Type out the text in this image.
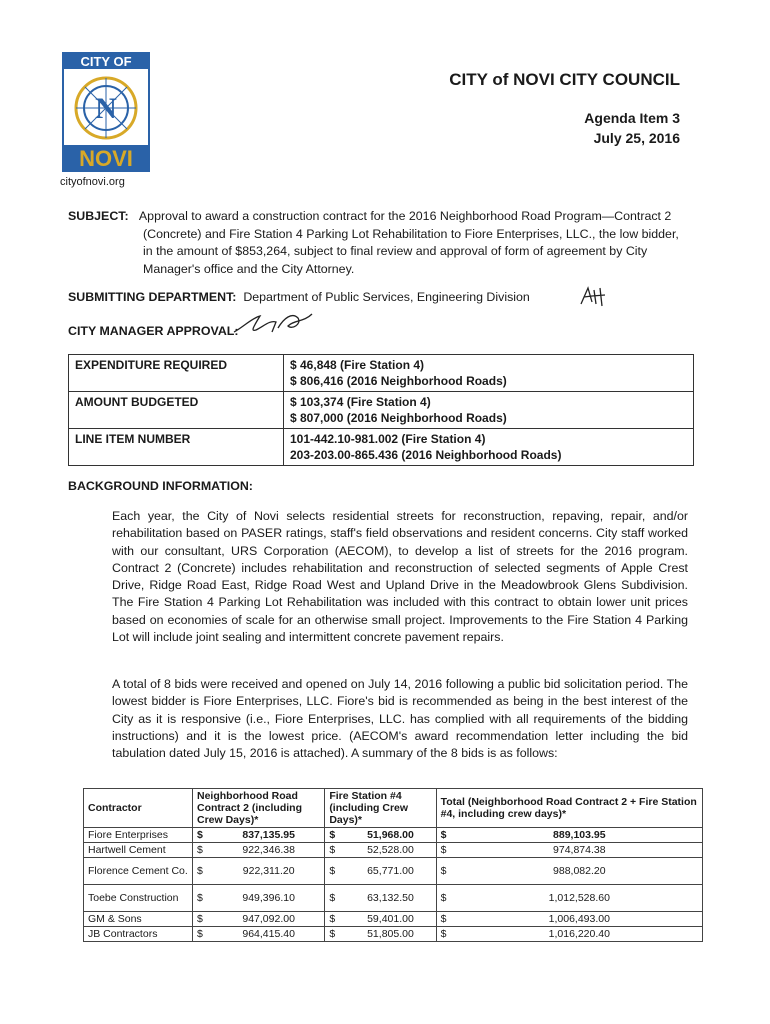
CITY OF
N
NOVI
cityofnovi.org
CITY of NOVI CITY COUNCIL
Agenda Item 3
July 25, 2016
SUBJECT: Approval to award a construction contract for the 2016 Neighborhood Road Program—Contract 2 (Concrete) and Fire Station 4 Parking Lot Rehabilitation to Fiore Enterprises, LLC., the low bidder, in the amount of $853,264, subject to final review and approval of form of agreement by City Manager's office and the City Attorney.
SUBMITTING DEPARTMENT: Department of Public Services, Engineering Division
CITY MANAGER APPROVAL:
EXPENDITURE REQUIRED	$ 46,848 (Fire Station 4)
$ 806,416 (2016 Neighborhood Roads)

AMOUNT BUDGETED	$ 103,374 (Fire Station 4)
$ 807,000 (2016 Neighborhood Roads)

LINE ITEM NUMBER	101-442.10-981.002 (Fire Station 4)
203-203.00-865.436 (2016 Neighborhood Roads)
BACKGROUND INFORMATION:
Each year, the City of Novi selects residential streets for reconstruction, repaving, repair, and/or rehabilitation based on PASER ratings, staff's field observations and resident concerns. City staff worked with our consultant, URS Corporation (AECOM), to develop a list of streets for the 2016 program. Contract 2 (Concrete) includes rehabilitation and reconstruction of selected segments of Apple Crest Drive, Ridge Road East, Ridge Road West and Upland Drive in the Meadowbrook Glens Subdivision. The Fire Station 4 Parking Lot Rehabilitation was included with this contract to obtain lower unit prices based on economies of scale for an otherwise small project. Improvements to the Fire Station 4 Parking Lot will include joint sealing and intermittent concrete pavement repairs.
A total of 8 bids were received and opened on July 14, 2016 following a public bid solicitation period. The lowest bidder is Fiore Enterprises, LLC. Fiore's bid is recommended as being in the best interest of the City as it is responsive (i.e., Fiore Enterprises, LLC. has complied with all requirements of the bidding instructions) and it is the lowest price. (AECOM's award recommendation letter including the bid tabulation dated July 15, 2016 is attached). A summary of the 8 bids is as follows:
Contractor	Neighborhood Road Contract 2 (including Crew Days)*		Fire Station #4 (including Crew Days)*		Total (Neighborhood Road Contract 2 + Fire Station #4, including crew days)*	
Fiore Enterprises	$	837,135.95	$	51,968.00	$	889,103.95
Hartwell Cement	$	922,346.38	$	52,528.00	$	974,874.38
Florence Cement Co.	$	922,311.20	$	65,771.00	$	988,082.20
Toebe Construction	$	949,396.10	$	63,132.50	$	1,012,528.60
GM & Sons	$	947,092.00	$	59,401.00	$	1,006,493.00
JB Contractors	$	964,415.40	$	51,805.00	$	1,016,220.40
